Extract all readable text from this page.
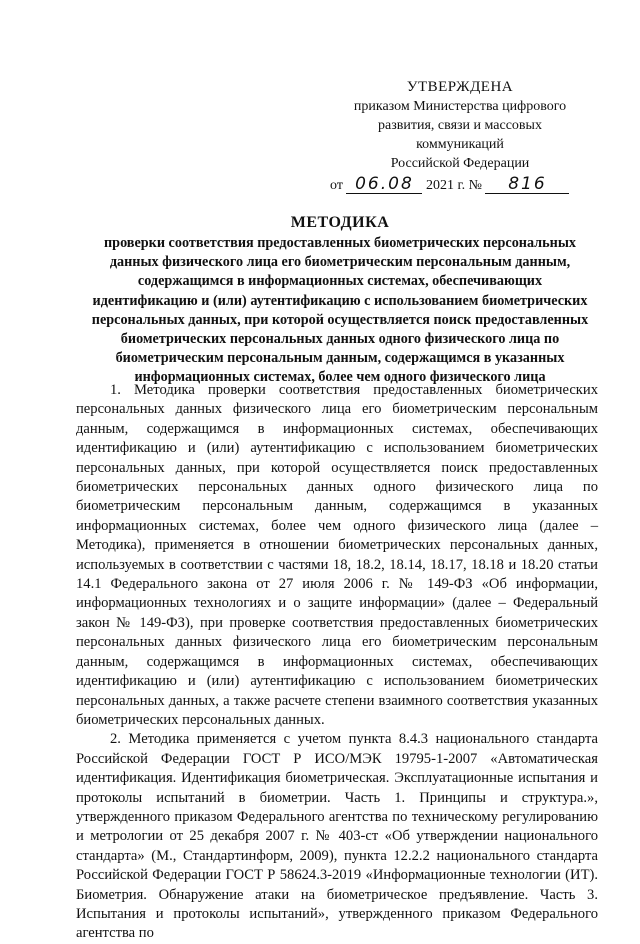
УТВЕРЖДЕНА
приказом Министерства цифрового
развития, связи и массовых
коммуникаций
Российской Федерации
от 06.08 2021 г. № 816
МЕТОДИКА
проверки соответствия предоставленных биометрических персональных данных физического лица его биометрическим персональным данным, содержащимся в информационных системах, обеспечивающих идентификацию и (или) аутентификацию с использованием биометрических персональных данных, при которой осуществляется поиск предоставленных биометрических персональных данных одного физического лица по биометрическим персональным данным, содержащимся в указанных информационных системах, более чем одного физического лица

1. Методика проверки соответствия предоставленных биометрических персональных данных физического лица его биометрическим персональным данным, содержащимся в информационных системах, обеспечивающих идентификацию и (или) аутентификацию с использованием биометрических персональных данных, при которой осуществляется поиск предоставленных биометрических персональных данных одного физического лица по биометрическим персональным данным, содержащимся в указанных информационных системах, более чем одного физического лица (далее – Методика), применяется в отношении биометрических персональных данных, используемых в соответствии с частями 18, 18.2, 18.14, 18.17, 18.18 и 18.20 статьи 14.1 Федерального закона от 27 июля 2006 г. № 149-ФЗ «Об информации, информационных технологиях и о защите информации» (далее – Федеральный закон № 149-ФЗ), при проверке соответствия предоставленных биометрических персональных данных физического лица его биометрическим персональным данным, содержащимся в информационных системах, обеспечивающих идентификацию и (или) аутентификацию с использованием биометрических персональных данных, а также расчете степени взаимного соответствия указанных биометрических персональных данных.

2. Методика применяется с учетом пункта 8.4.3 национального стандарта Российской Федерации ГОСТ Р ИСО/МЭК 19795-1-2007 «Автоматическая идентификация. Идентификация биометрическая. Эксплуатационные испытания и протоколы испытаний в биометрии. Часть 1. Принципы и структура.», утвержденного приказом Федерального агентства по техническому регулированию и метрологии от 25 декабря 2007 г. № 403-ст «Об утверждении национального стандарта» (М., Стандартинформ, 2009), пункта 12.2.2 национального стандарта Российской Федерации ГОСТ Р 58624.3-2019 «Информационные технологии (ИТ). Биометрия. Обнаружение атаки на биометрическое предъявление. Часть 3. Испытания и протоколы испытаний», утвержденного приказом Федерального агентства по
